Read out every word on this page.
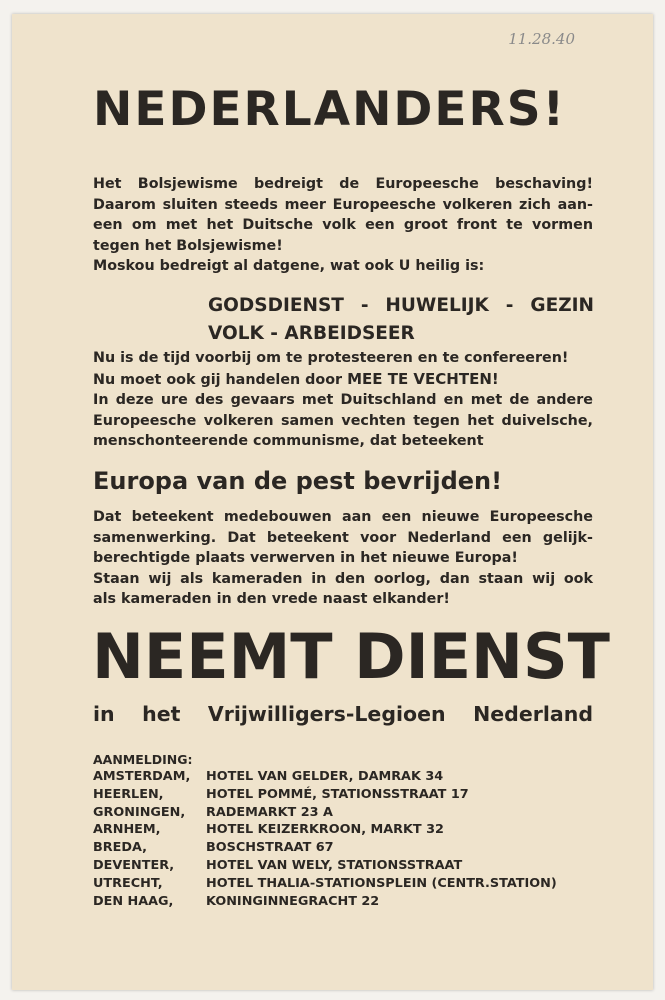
11.28.40
NEDERLANDERS!
Het Bolsjewisme bedreigt de Europeesche beschaving!
Daarom sluiten steeds meer Europeesche volkeren zich aan-
een om met het Duitsche volk een groot front te vormen
tegen het Bolsjewisme!
Moskou bedreigt al datgene, wat ook U heilig is:
GODSDIENST - HUWELIJK - GEZIN
VOLK - ARBEIDSEER
Nu is de tijd voorbij om te protesteeren en te confereeren!
Nu moet ook gij handelen door MEE TE VECHTEN!
In deze ure des gevaars met Duitschland en met de andere
Europeesche volkeren samen vechten tegen het duivelsche,
menschonteerende communisme, dat beteekent
Europa van de pest bevrijden!
Dat beteekent medebouwen aan een nieuwe Europeesche
samenwerking. Dat beteekent voor Nederland een gelijk-
berechtigde plaats verwerven in het nieuwe Europa!
Staan wij als kameraden in den oorlog, dan staan wij ook
als kameraden in den vrede naast elkander!
NEEMT DIENST
in het Vrijwilligers-Legioen Nederland
AANMELDING:
AMSTERDAM,	HOTEL VAN GELDER, DAMRAK 34
HEERLEN,	HOTEL POMMÉ, STATIONSSTRAAT 17
GRONINGEN,	RADEMARKT 23 A
ARNHEM,	HOTEL KEIZERKROON, MARKT 32
BREDA,	BOSCHSTRAAT 67
DEVENTER,	HOTEL VAN WELY, STATIONSSTRAAT
UTRECHT,	HOTEL THALIA-STATIONSPLEIN (CENTR.STATION)
DEN HAAG,	KONINGINNEGRACHT 22
